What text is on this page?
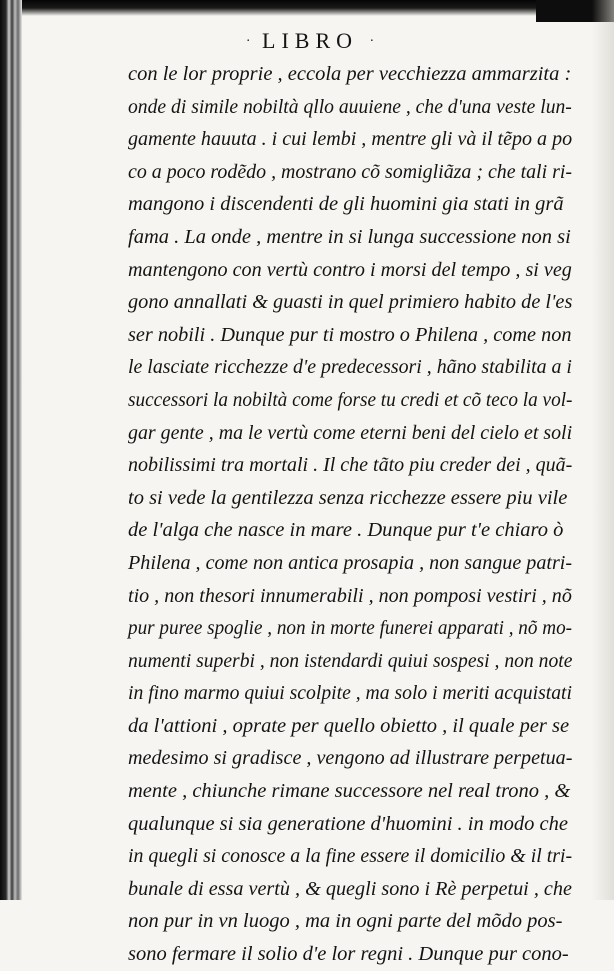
· LIBRO ·
con le lor proprie , eccola per vecchiezza ammarzita :
onde di simile nobiltà qllo auuiene , che d'una veste lun-
gamente hauuta . i cui lembi , mentre gli và il tẽpo a po
co a poco rodẽdo , mostrano cõ somigliãza ; che tali ri-
mangono i discendenti de gli huomini gia stati in grã
fama . La onde , mentre in si lunga successione non si
mantengono con vertù contro i morsi del tempo , si veg
gono annallati & guasti in quel primiero habito de l'es
ser nobili . Dunque pur ti mostro o Philena , come non
le lasciate ricchezze d'e predecessori , hãno stabilita a i
successori la nobiltà come forse tu credi et cõ teco la vol-
gar gente , ma le vertù come eterni beni del cielo et soli
nobilissimi tra mortali . Il che tãto piu creder dei , quã-
to si vede la gentilezza senza ricchezze essere piu vile
de l'alga che nasce in mare . Dunque pur t'e chiaro ò
Philena , come non antica prosapia , non sangue patri-
tio , non thesori innumerabili , non pomposi vestiri , nõ
pur puree spoglie , non in morte funerei apparati , nõ mo-
numenti superbi , non istendardi quiui sospesi , non note
in fino marmo quiui scolpite , ma solo i meriti acquistati
da l'attioni , oprate per quello obietto , il quale per se
medesimo si gradisce , vengono ad illustrare perpetua-
mente , chiunche rimane successore nel real trono , &
qualunque si sia generatione d'huomini . in modo che
in quegli si conosce a la fine essere il domicilio & il tri-
bunale di essa vertù , & quegli sono i Rè perpetui , che
non pur in vn luogo , ma in ogni parte del mõdo pos-
sono fermare il solio d'e lor regni . Dunque pur cono-
